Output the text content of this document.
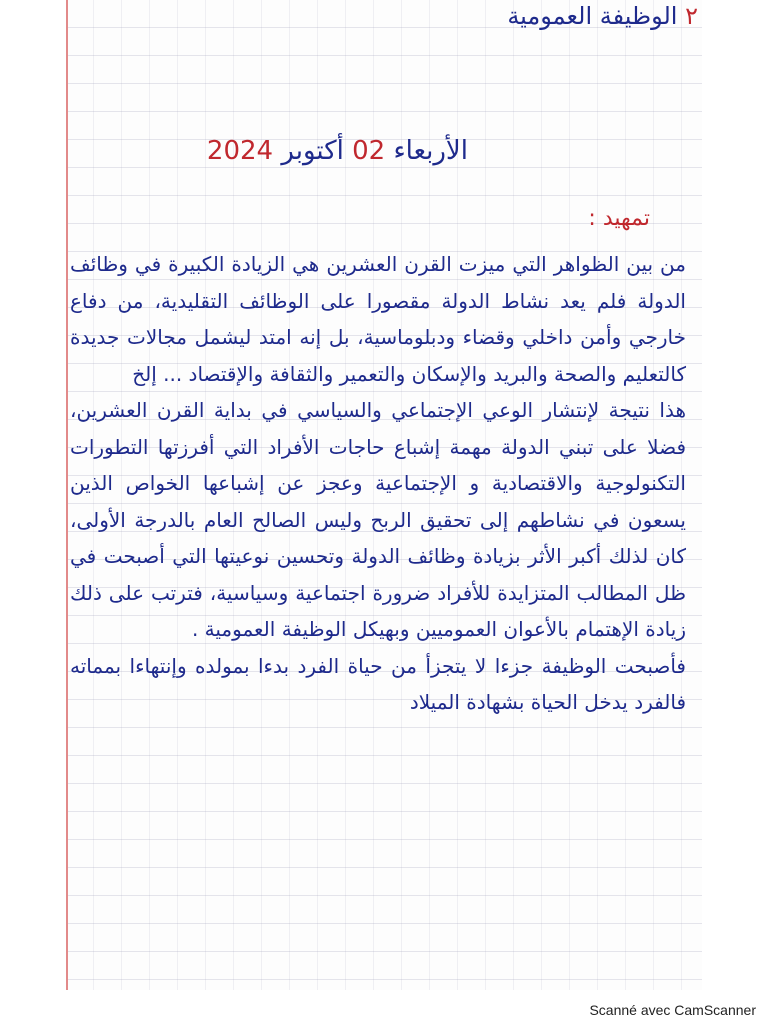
٢ الوظيفة العمومية
الأربعاء 02 أكتوبر 2024
تمهيد :

من بين الظواهر التي ميزت القرن العشرين هي الزيادة الكبيرة في وظائف الدولة فلم يعد نشاط الدولة مقصورا على الوظائف التقليدية، من دفاع خارجي وأمن داخلي وقضاء ودبلوماسية، بل إنه امتد ليشمل مجالات جديدة كالتعليم والصحة والبريد والإسكان والتعمير والثقافة والإقتصاد ... إلخ

هذا نتيجة لإنتشار الوعي الإجتماعي والسياسي في بداية القرن العشرين، فضلا على تبني الدولة مهمة إشباع حاجات الأفراد التي أفرزتها التطورات التكنولوجية والاقتصادية و الإجتماعية وعجز عن إشباعها الخواص الذين يسعون في نشاطهم إلى تحقيق الربح وليس الصالح العام بالدرجة الأولى، كان لذلك أكبر الأثر بزيادة وظائف الدولة وتحسين نوعيتها التي أصبحت في ظل المطالب المتزايدة للأفراد ضرورة اجتماعية وسياسية، فترتب على ذلك زيادة الإهتمام بالأعوان العموميين وبهيكل الوظيفة العمومية .

فأصبحت الوظيفة جزءا لا يتجزأ من حياة الفرد بدءا بمولده وإنتهاءا بمماته فالفرد يدخل الحياة بشهادة الميلاد

Scanné avec CamScanner
